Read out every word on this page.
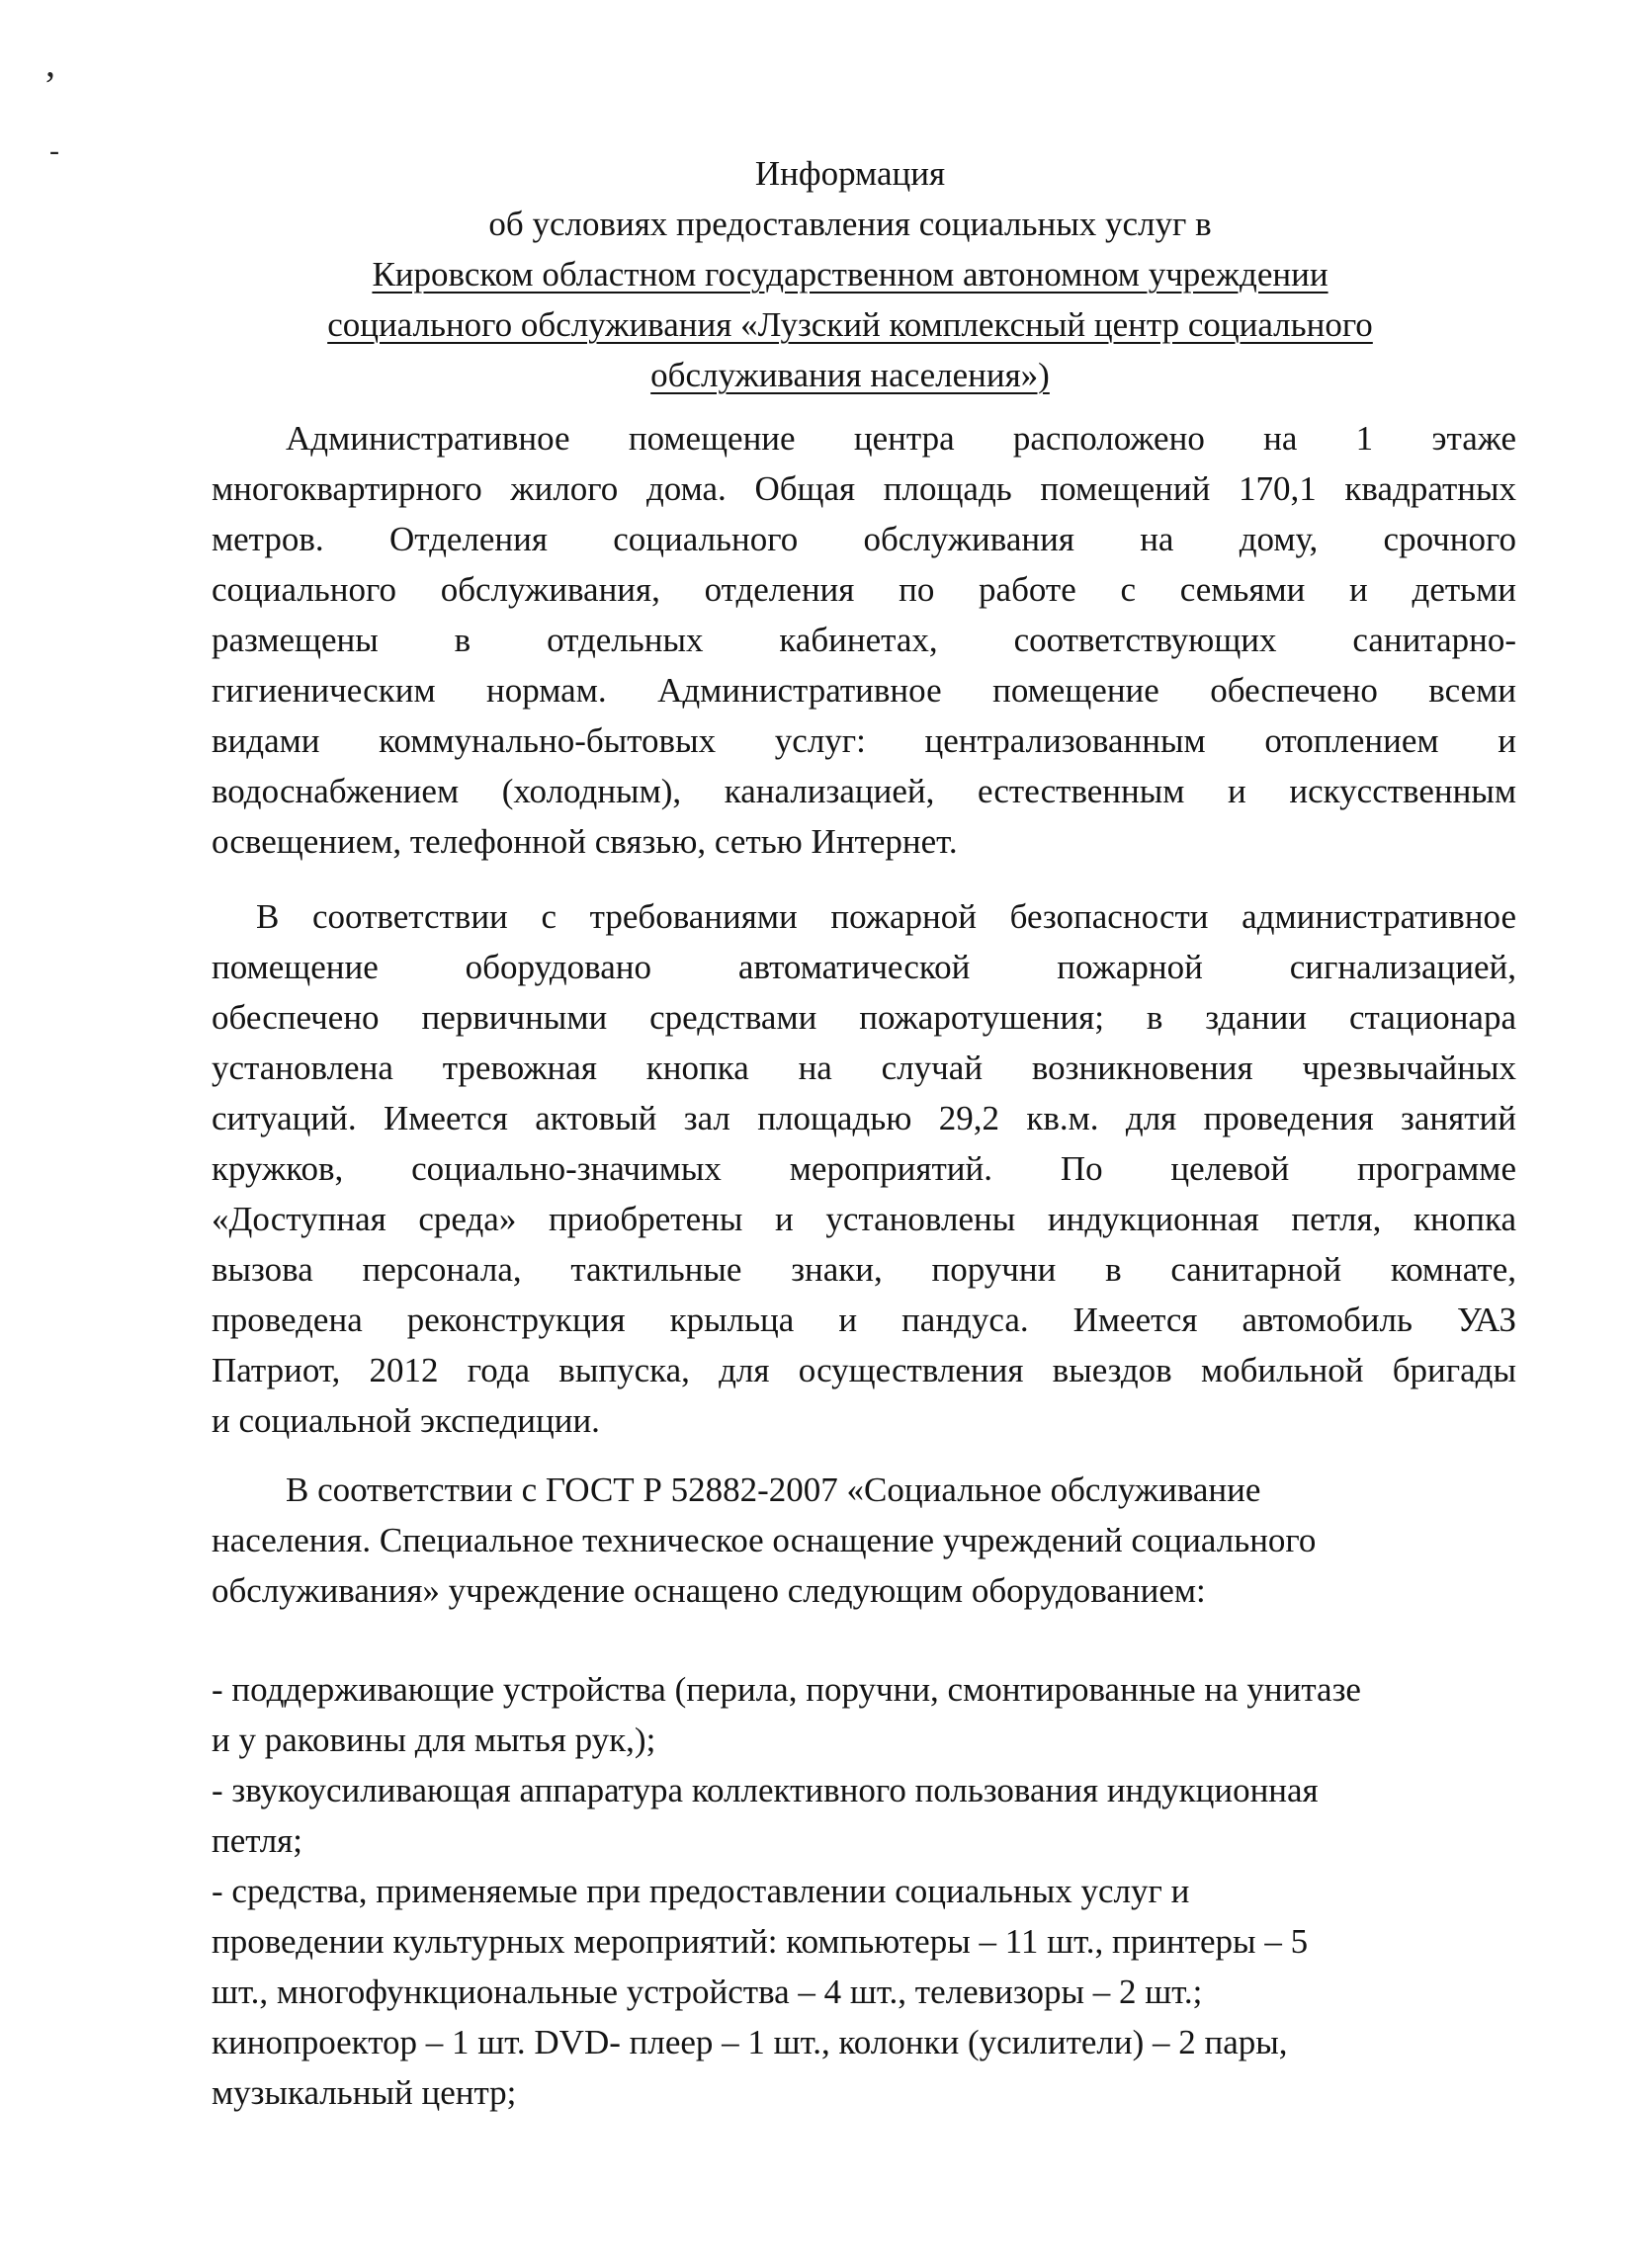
,
-
Информация
об условиях предоставления социальных услуг в
Кировском областном государственном автономном учреждении
социального обслуживания «Лузский комплексный центр социального
обслуживания населения»)
Административное помещение центра расположено на 1 этаже
многоквартирного жилого дома. Общая площадь помещений 170,1 квадратных
метров. Отделения социального обслуживания на дому, срочного
социального обслуживания, отделения по работе с семьями и детьми
размещены в отдельных кабинетах, соответствующих санитарно-
гигиеническим нормам. Административное помещение обеспечено всеми
видами коммунально-бытовых услуг: централизованным отоплением и
водоснабжением (холодным), канализацией, естественным и искусственным
освещением, телефонной связью, сетью Интернет.
В соответствии с требованиями пожарной безопасности административное
помещение оборудовано автоматической пожарной сигнализацией,
обеспечено первичными средствами пожаротушения; в здании стационара
установлена тревожная кнопка на случай возникновения чрезвычайных
ситуаций. Имеется актовый зал площадью 29,2 кв.м. для проведения занятий
кружков, социально-значимых мероприятий. По целевой программе
«Доступная среда» приобретены и установлены индукционная петля, кнопка
вызова персонала, тактильные знаки, поручни в санитарной комнате,
проведена реконструкция крыльца и пандуса. Имеется автомобиль УАЗ
Патриот, 2012 года выпуска, для осуществления выездов мобильной бригады
и социальной экспедиции.
В соответствии с ГОСТ Р 52882-2007 «Социальное обслуживание
населения. Специальное техническое оснащение учреждений социального
обслуживания» учреждение оснащено следующим оборудованием:
- поддерживающие устройства (перила, поручни, смонтированные на унитазе
и у раковины для мытья рук,);
- звукоусиливающая аппаратура коллективного пользования индукционная
петля;
- средства, применяемые при предоставлении социальных услуг и
проведении культурных мероприятий: компьютеры – 11 шт., принтеры – 5
шт., многофункциональные устройства – 4 шт., телевизоры – 2 шт.;
кинопроектор – 1 шт. DVD- плеер – 1 шт., колонки (усилители) – 2 пары,
музыкальный центр;
